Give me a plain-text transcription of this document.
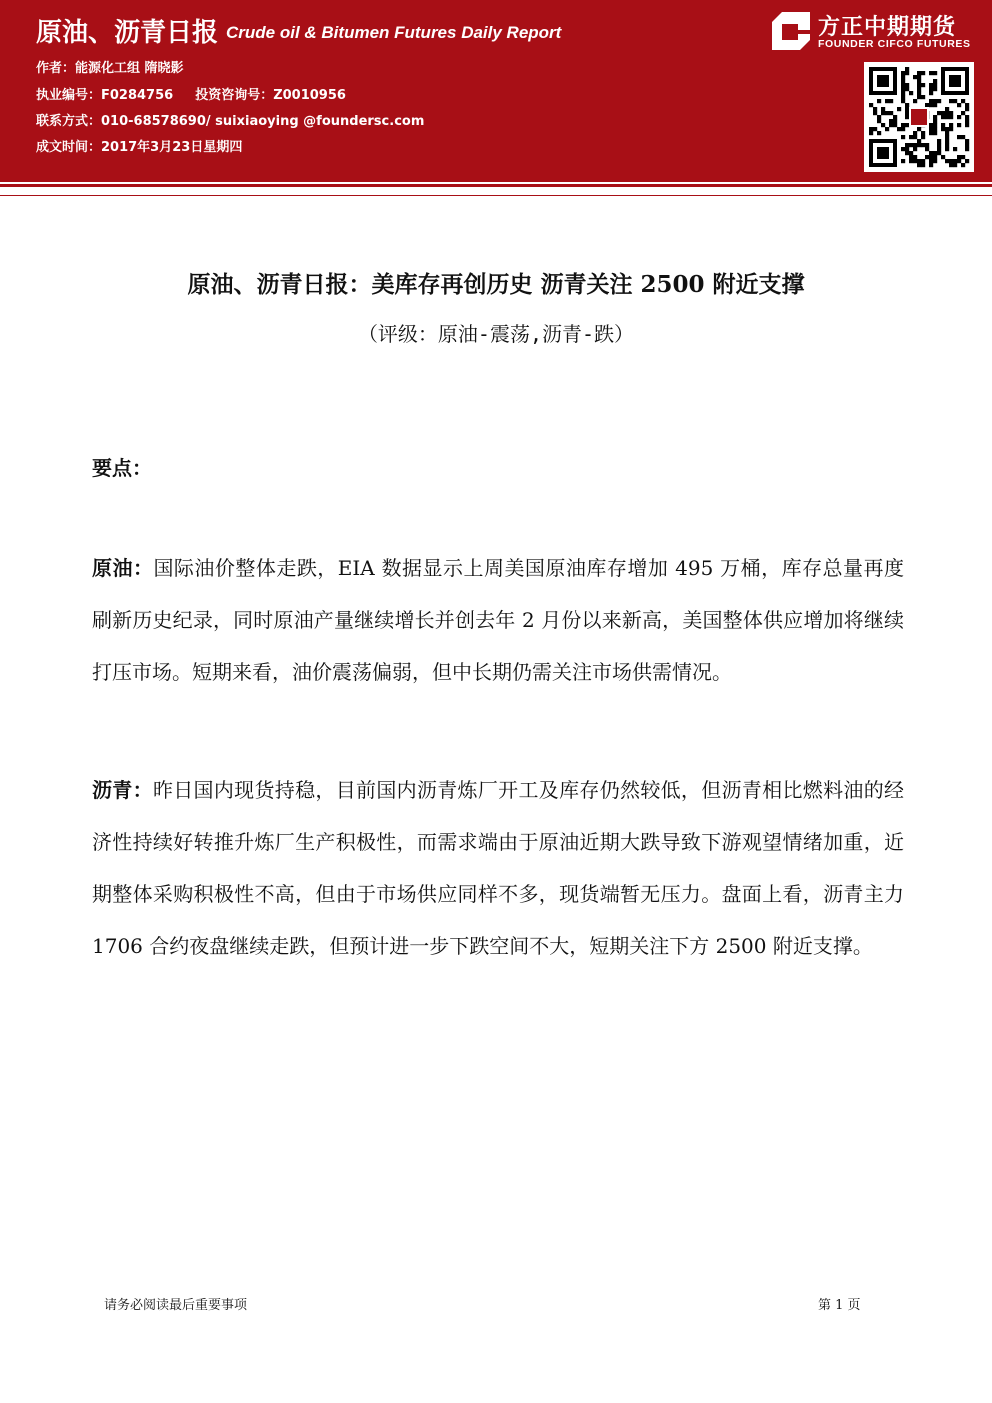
原油、沥青日报 Crude oil & Bitumen Futures Daily Report
作者：能源化工组 隋晓影
执业编号：F0284756 投资咨询号：Z0010956
联系方式：010-68578690/ suixiaoying @foundersc.com
成文时间：2017年3月23日星期四
方正中期期货
FOUNDER CIFCO FUTURES
原油、沥青日报：美库存再创历史 沥青关注 2500 附近支撑
（评级：原油-震荡,沥青-跌）
要点：

原油：国际油价整体走跌，EIA 数据显示上周美国原油库存增加 495 万桶，库存总量再度刷新历史纪录，同时原油产量继续增长并创去年 2 月份以来新高，美国整体供应增加将继续打压市场。短期来看，油价震荡偏弱，但中长期仍需关注市场供需情况。

沥青：昨日国内现货持稳，目前国内沥青炼厂开工及库存仍然较低，但沥青相比燃料油的经济性持续好转推升炼厂生产积极性，而需求端由于原油近期大跌导致下游观望情绪加重，近期整体采购积极性不高，但由于市场供应同样不多，现货端暂无压力。盘面上看，沥青主力 1706 合约夜盘继续走跌，但预计进一步下跌空间不大，短期关注下方 2500 附近支撑。

请务必阅读最后重要事项	第 1 页
